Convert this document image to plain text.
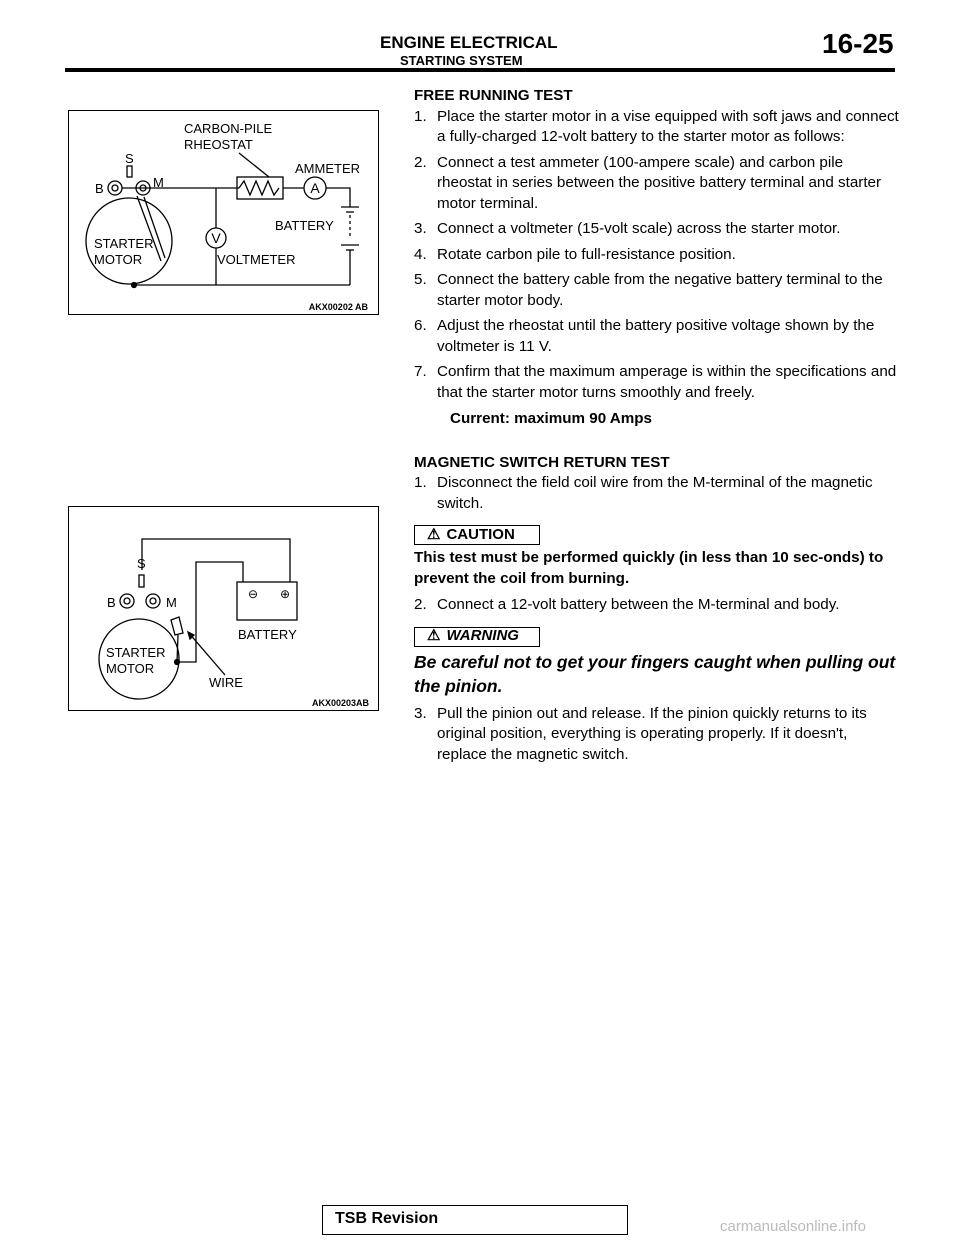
ENGINE ELECTRICAL
STARTING SYSTEM
16-25
CARBON-PILE
RHEOSTAT
S
B	M
STARTER
MOTOR
A
AMMETER
BATTERY
V
VOLTMETER
AKX00202 AB
S
B	M
STARTER
MOTOR
⊖ ⊕
BATTERY
WIRE
AKX00203AB

FREE RUNNING TEST

1. Place the starter motor in a vise equipped with soft jaws and connect a fully-charged 12-volt battery to the starter motor as follows:
2. Connect a test ammeter (100-ampere scale) and carbon pile rheostat in series between the positive battery terminal and starter motor terminal.
3. Connect a voltmeter (15-volt scale) across the starter motor.
4. Rotate carbon pile to full-resistance position.
5. Connect the battery cable from the negative battery terminal to the starter motor body.
6. Adjust the rheostat until the battery positive voltage shown by the voltmeter is 11 V.
7. Confirm that the maximum amperage is within the specifications and that the starter motor turns smoothly and freely.

Current: maximum 90 Amps

MAGNETIC SWITCH RETURN TEST

1. Disconnect the field coil wire from the M-terminal of the magnetic switch.
⚠ CAUTION

This test must be performed quickly (in less than 10 sec-onds) to prevent the coil from burning.

2. Connect a 12-volt battery between the M-terminal and body.
⚠ WARNING

Be careful not to get your fingers caught when pulling out the pinion.

3. Pull the pinion out and release. If the pinion quickly returns to its original position, everything is operating properly. If it doesn't, replace the magnetic switch.
TSB Revision	carmanualsonline.info
